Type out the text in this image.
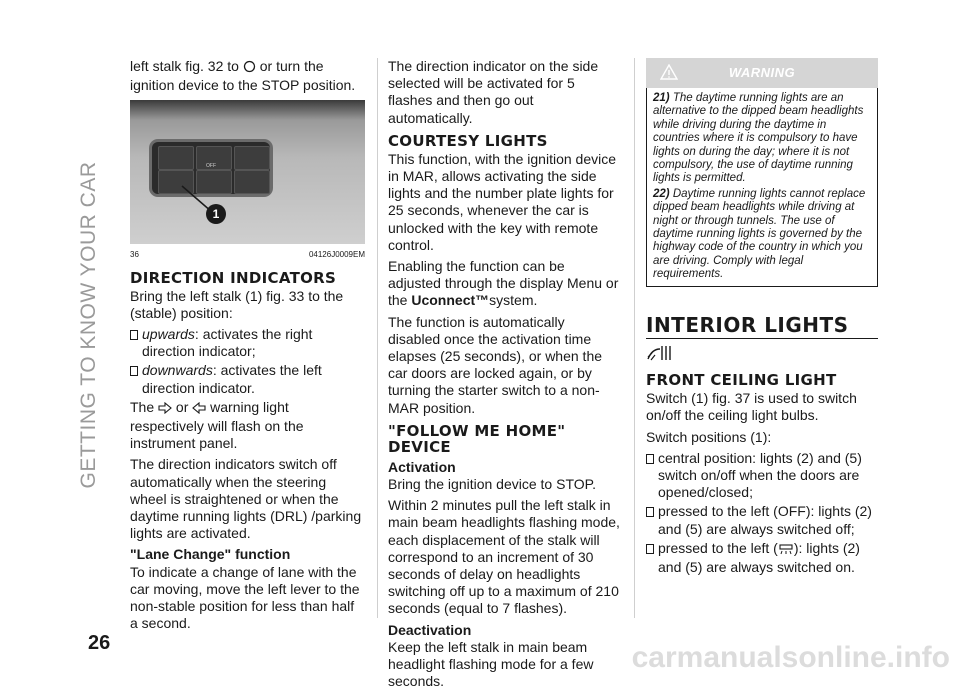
GETTING TO KNOW YOUR CAR

left stalk fig. 32 to or turn the ignition device to the STOP position.

OFF
1
36	04126J0009EM
DIRECTION INDICATORS

Bring the left stalk (1) fig. 33 to the (stable) position:

upwards: activates the right direction indicator;

downwards: activates the left direction indicator.

The or warning light respectively will flash on the instrument panel.

The direction indicators switch off automatically when the steering wheel is straightened or when the daytime running lights (DRL) /parking lights are activated.

"Lane Change" function

To indicate a change of lane with the car moving, move the left lever to the non-stable position for less than half a second.

The direction indicator on the side selected will be activated for 5 flashes and then go out automatically.

COURTESY LIGHTS

This function, with the ignition device in MAR, allows activating the side lights and the number plate lights for 25 seconds, whenever the car is unlocked with the key with remote control.

Enabling the function can be adjusted through the display Menu or the Uconnect™system.

The function is automatically disabled once the activation time elapses (25 seconds), or when the car doors are locked again, or by turning the starter switch to a non-MAR position.

"FOLLOW ME HOME" DEVICE
Activation

Bring the ignition device to STOP.

Within 2 minutes pull the left stalk in main beam headlights flashing mode, each displacement of the stalk will correspond to an increment of 30 seconds of delay on headlights switching off up to a maximum of 210 seconds (equal to 7 flashes).

Deactivation

Keep the left stalk in main beam headlight flashing mode for a few seconds.

WARNING

21) The daytime running lights are an alternative to the dipped beam headlights while driving during the daytime in countries where it is compulsory to have lights on during the day; where it is not compulsory, the use of daytime running lights is permitted.

22) Daytime running lights cannot replace dipped beam headlights while driving at night or through tunnels. The use of daytime running lights is governed by the highway code of the country in which you are driving. Comply with legal requirements.

INTERIOR LIGHTS
FRONT CEILING LIGHT

Switch (1) fig. 37 is used to switch on/off the ceiling light bulbs.

Switch positions (1):

central position: lights (2) and (5) switch on/off when the doors are opened/closed;

pressed to the left (OFF): lights (2) and (5) are always switched off;

pressed to the left ( ): lights (2) and (5) are always switched on.

26	carmanualsonline.info
